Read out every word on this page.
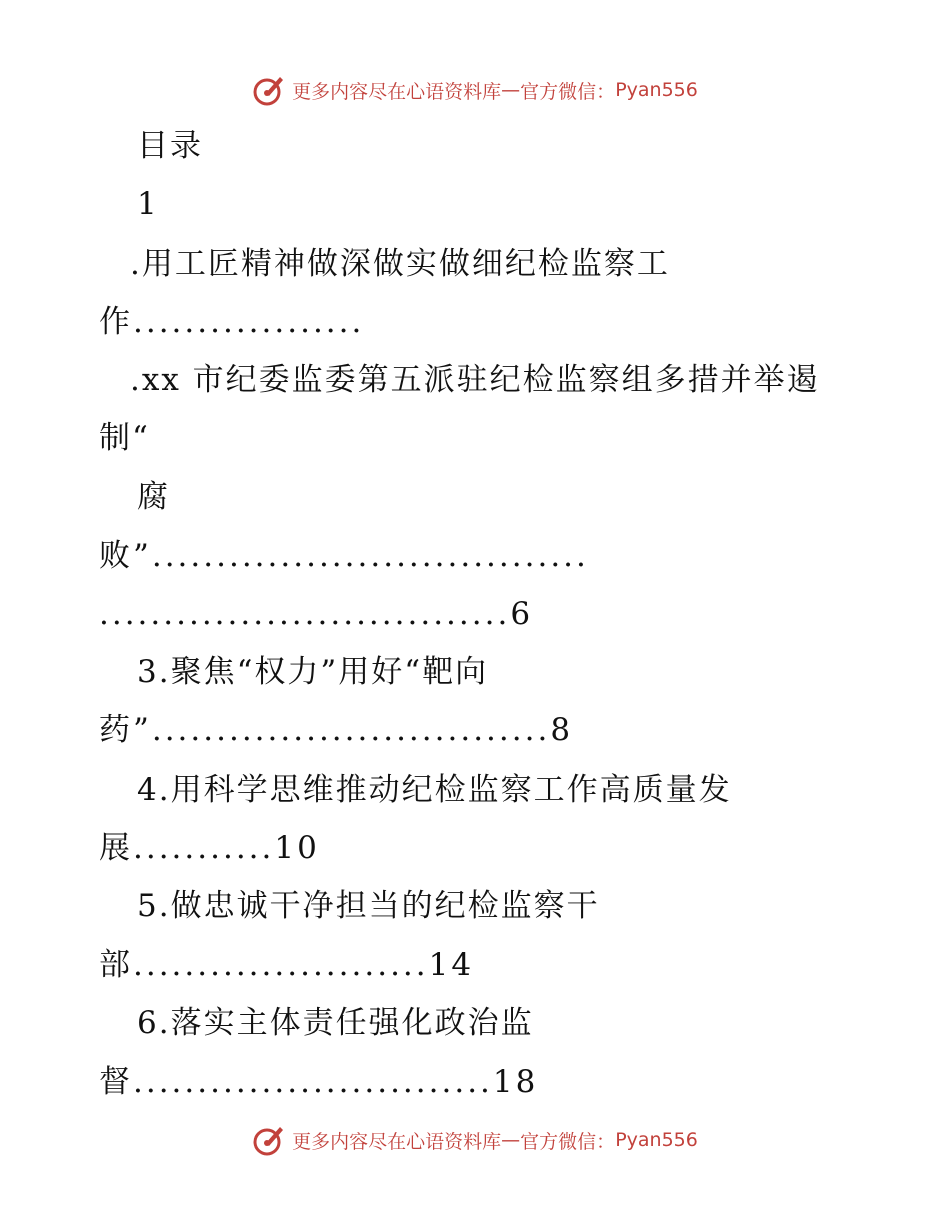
更多内容尽在心语资料库 — 官方微信： Pyan556
目录
1
.用工匠精神做深做实做细纪检监察工
作..................
.xx 市纪委监委第五派驻纪检监察组多措并举遏
制“
腐
败”..................................
................................6
3.聚焦“权力”用好“靶向
药”...............................8
4.用科学思维推动纪检监察工作高质量发
展...........10
5.做忠诚干净担当的纪检监察干
部.......................14
6.落实主体责任强化政治监
督............................18
更多内容尽在心语资料库 — 官方微信： Pyan556
